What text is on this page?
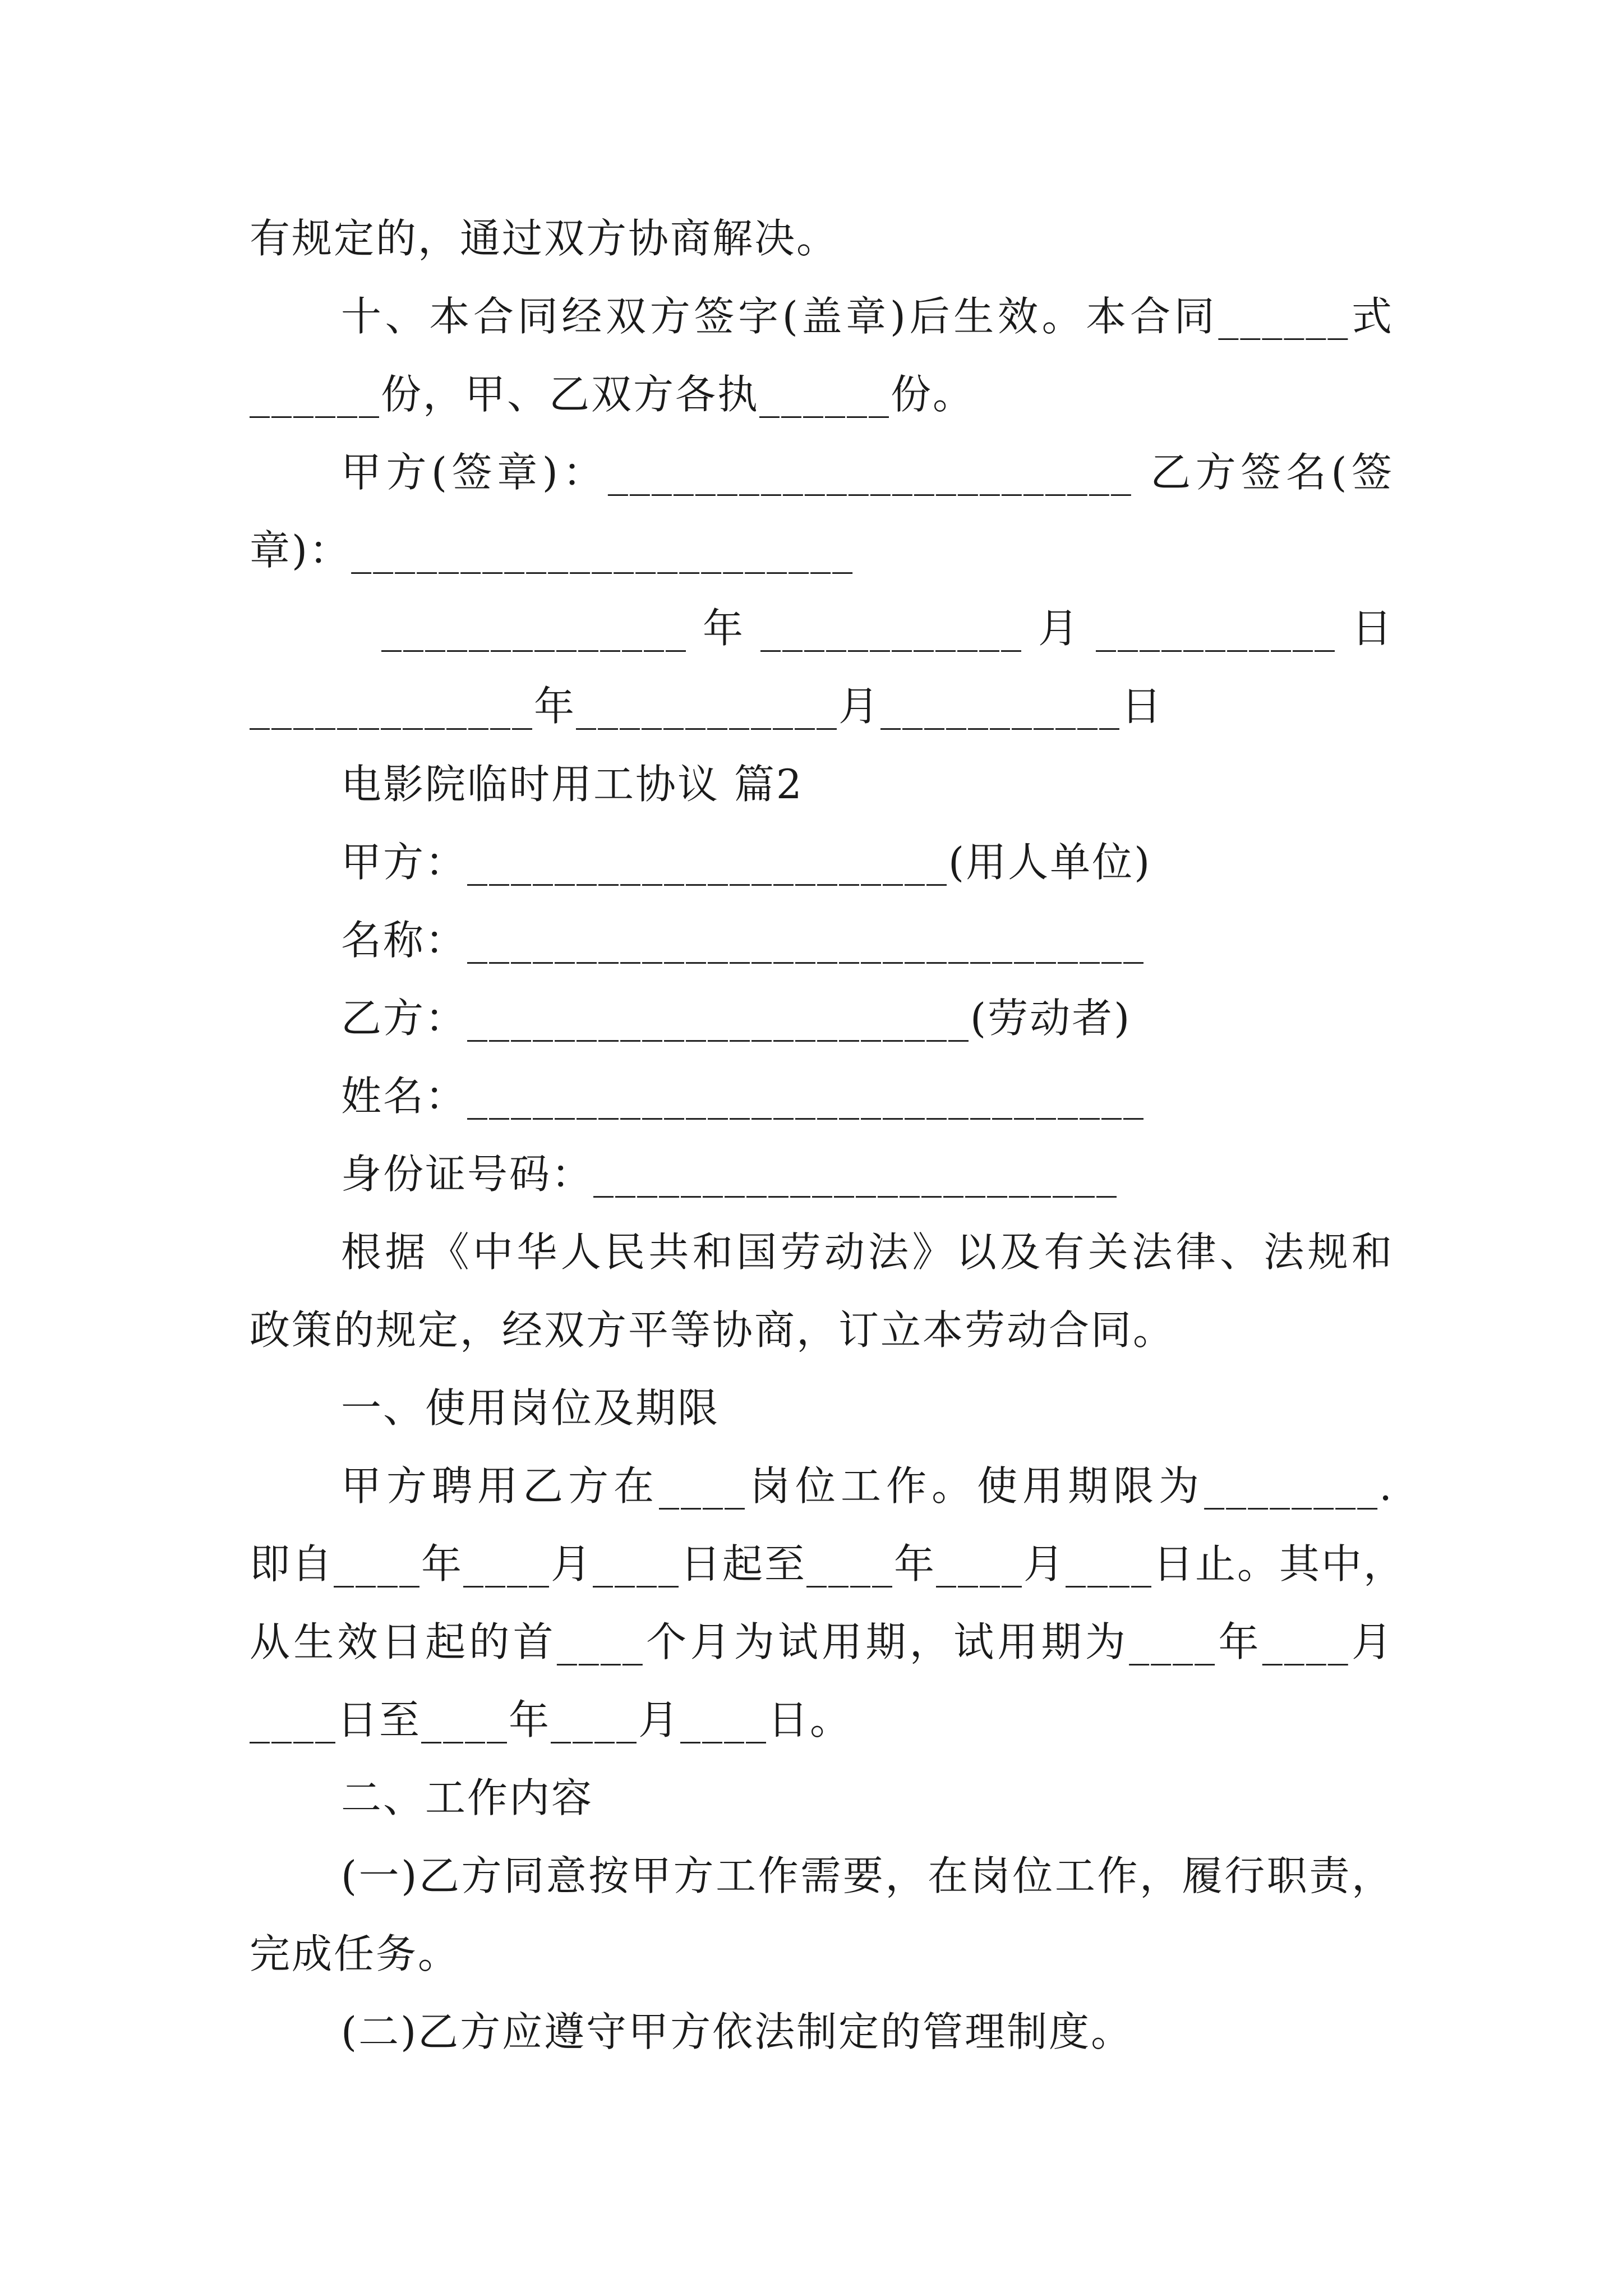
有规定的，通过双方协商解决。
十、本合同经双方签字(盖章)后生效。本合同______式
______份，甲、乙双方各执______份。
甲方(签章)：________________________ 乙方签名(签
章)：_______________________
______________ 年 ____________ 月 ___________ 日
_____________年____________月___________日
电影院临时用工协议 篇2
甲方：______________________(用人单位)
名称：_______________________________
乙方：_______________________(劳动者)
姓名：_______________________________
身份证号码：________________________
根据《中华人民共和国劳动法》以及有关法律、法规和
政策的规定，经双方平等协商，订立本劳动合同。
一、使用岗位及期限
甲方聘用乙方在____岗位工作。使用期限为________.
即自____年____月____日起至____年____月____日止。其中，
从生效日起的首____个月为试用期，试用期为____年____月
____日至____年____月____日。
二、工作内容
(一)乙方同意按甲方工作需要，在岗位工作，履行职责，
完成任务。
(二)乙方应遵守甲方依法制定的管理制度。
